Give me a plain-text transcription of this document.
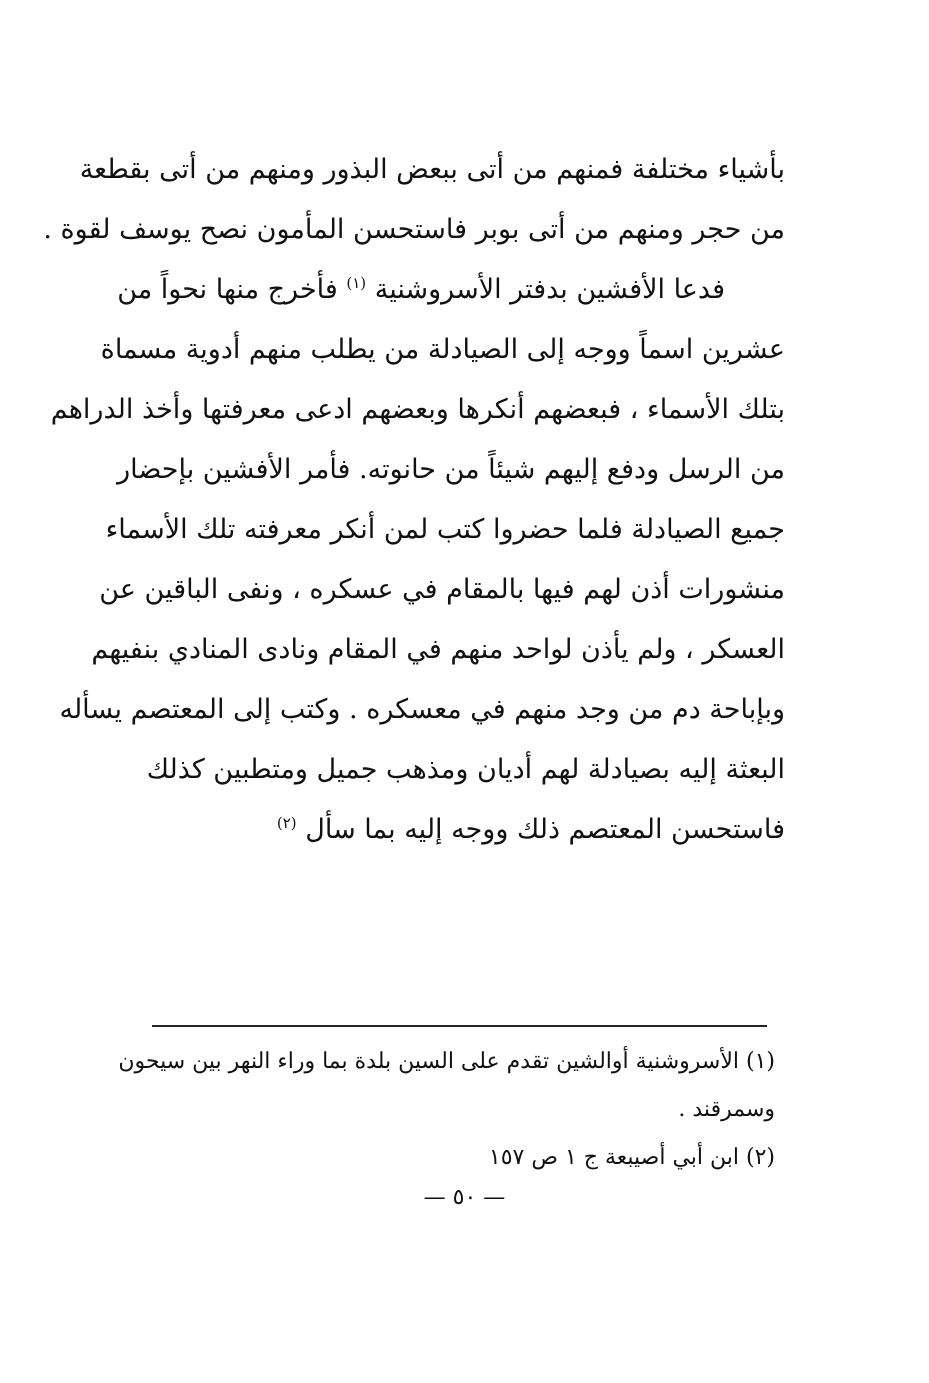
بأشياء مختلفة فمنهم من أتى ببعض البذور ومنهم من أتى بقطعة
من حجر ومنهم من أتى بوبر فاستحسن المأمون نصح يوسف لقوة .
فدعا الأفشين بدفتر الأسروشنية $^{(١)}$ فأخرج منها نحواً من
عشرين اسماً ووجه إلى الصيادلة من يطلب منهم أدوية مسماة
بتلك الأسماء ، فبعضهم أنكرها وبعضهم ادعى معرفتها وأخذ الدراهم
من الرسل ودفع إليهم شيئاً من حانوته. فأمر الأفشين بإحضار
جميع الصيادلة فلما حضروا كتب لمن أنكر معرفته تلك الأسماء
منشورات أذن لهم فيها بالمقام في عسكره ، ونفى الباقين عن
العسكر ، ولم يأذن لواحد منهم في المقام ونادى المنادي بنفيهم
وبإباحة دم من وجد منهم في معسكره . وكتب إلى المعتصم يسأله
البعثة إليه بصيادلة لهم أديان ومذهب جميل ومتطبين كذلك
فاستحسن المعتصم ذلك ووجه إليه بما سأل $^{(٢)}$
(١) الأسروشنية أوالشين تقدم على السين بلدة بما وراء النهر بين سيحون
وسمرقند .
(٢) ابن أبي أصيبعة ج ١ ص ١٥٧
— ٥٠ —
